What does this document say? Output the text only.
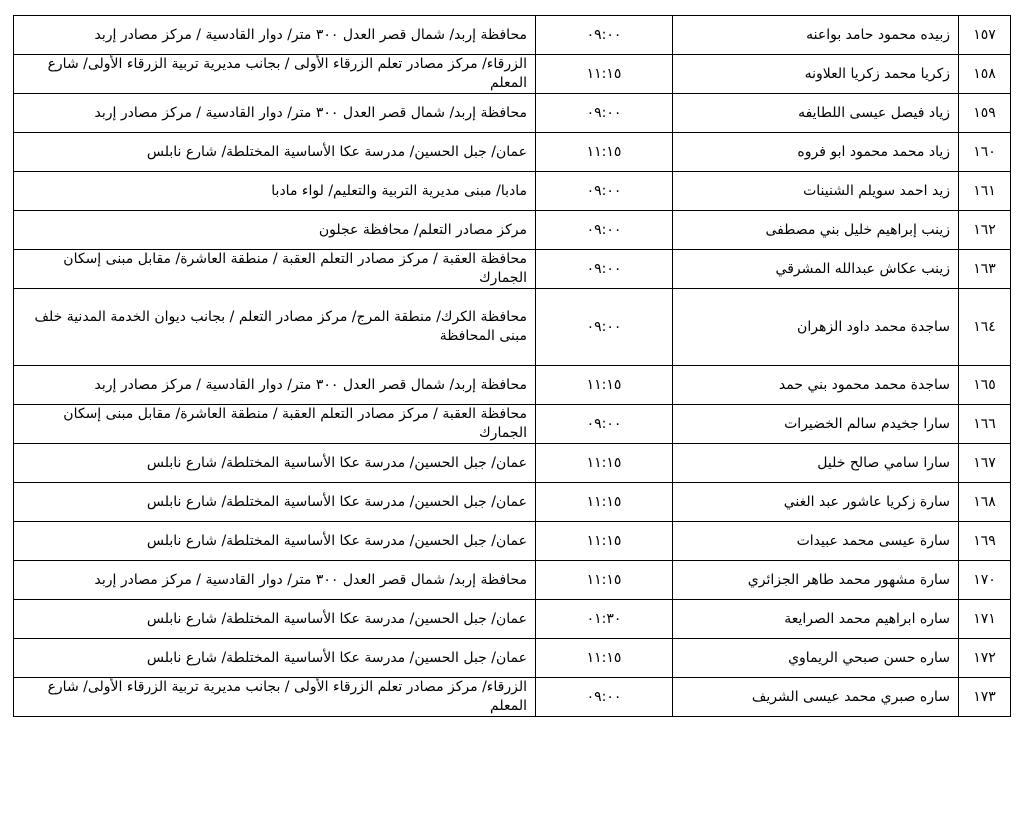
١٥٧	زبيده محمود حامد بواعنه	٠٩:٠٠	محافظة إربد/ شمال قصر العدل ٣٠٠ متر/ دوار القادسية / مركز مصادر إربد
١٥٨	زكريا محمد زكريا العلاونه	١١:١٥	الزرقاء/ مركز مصادر تعلم الزرقاء الأولى / بجانب مديرية تربية الزرقاء الأولى/ شارع المعلم
١٥٩	زياد فيصل عيسى اللطايفه	٠٩:٠٠	محافظة إربد/ شمال قصر العدل ٣٠٠ متر/ دوار القادسية / مركز مصادر إربد
١٦٠	زياد محمد محمود ابو فروه	١١:١٥	عمان/ جبل الحسين/ مدرسة عكا الأساسية المختلطة/ شارع نابلس
١٦١	زيد احمد سويلم الشنينات	٠٩:٠٠	مادبا/ مبنى مديرية التربية والتعليم/ لواء مادبا
١٦٢	زينب إبراهيم خليل بني مصطفى	٠٩:٠٠	مركز مصادر التعلم/ محافظة عجلون
١٦٣	زينب عكاش عبدالله المشرقي	٠٩:٠٠	محافظة العقبة / مركز مصادر التعلم العقبة / منطقة العاشرة/ مقابل مبنى إسكان الجمارك
١٦٤	ساجدة محمد داود الزهران	٠٩:٠٠	محافظة الكرك/ منطقة المرج/ مركز مصادر التعلم / بجانب ديوان الخدمة المدنية خلف مبنى المحافظة
١٦٥	ساجدة محمد محمود بني حمد	١١:١٥	محافظة إربد/ شمال قصر العدل ٣٠٠ متر/ دوار القادسية / مركز مصادر إربد
١٦٦	سارا جخيدم سالم الخضيرات	٠٩:٠٠	محافظة العقبة / مركز مصادر التعلم العقبة / منطقة العاشرة/ مقابل مبنى إسكان الجمارك
١٦٧	سارا سامي صالح خليل	١١:١٥	عمان/ جبل الحسين/ مدرسة عكا الأساسية المختلطة/ شارع نابلس
١٦٨	سارة زكريا عاشور عبد الغني	١١:١٥	عمان/ جبل الحسين/ مدرسة عكا الأساسية المختلطة/ شارع نابلس
١٦٩	سارة عيسى محمد عبيدات	١١:١٥	عمان/ جبل الحسين/ مدرسة عكا الأساسية المختلطة/ شارع نابلس
١٧٠	سارة مشهور محمد طاهر الجزائري	١١:١٥	محافظة إربد/ شمال قصر العدل ٣٠٠ متر/ دوار القادسية / مركز مصادر إربد
١٧١	ساره ابراهيم محمد الصرايعة	٠١:٣٠	عمان/ جبل الحسين/ مدرسة عكا الأساسية المختلطة/ شارع نابلس
١٧٢	ساره حسن صبحي الريماوي	١١:١٥	عمان/ جبل الحسين/ مدرسة عكا الأساسية المختلطة/ شارع نابلس
١٧٣	ساره صبري محمد عيسى الشريف	٠٩:٠٠	الزرقاء/ مركز مصادر تعلم الزرقاء الأولى / بجانب مديرية تربية الزرقاء الأولى/ شارع المعلم
